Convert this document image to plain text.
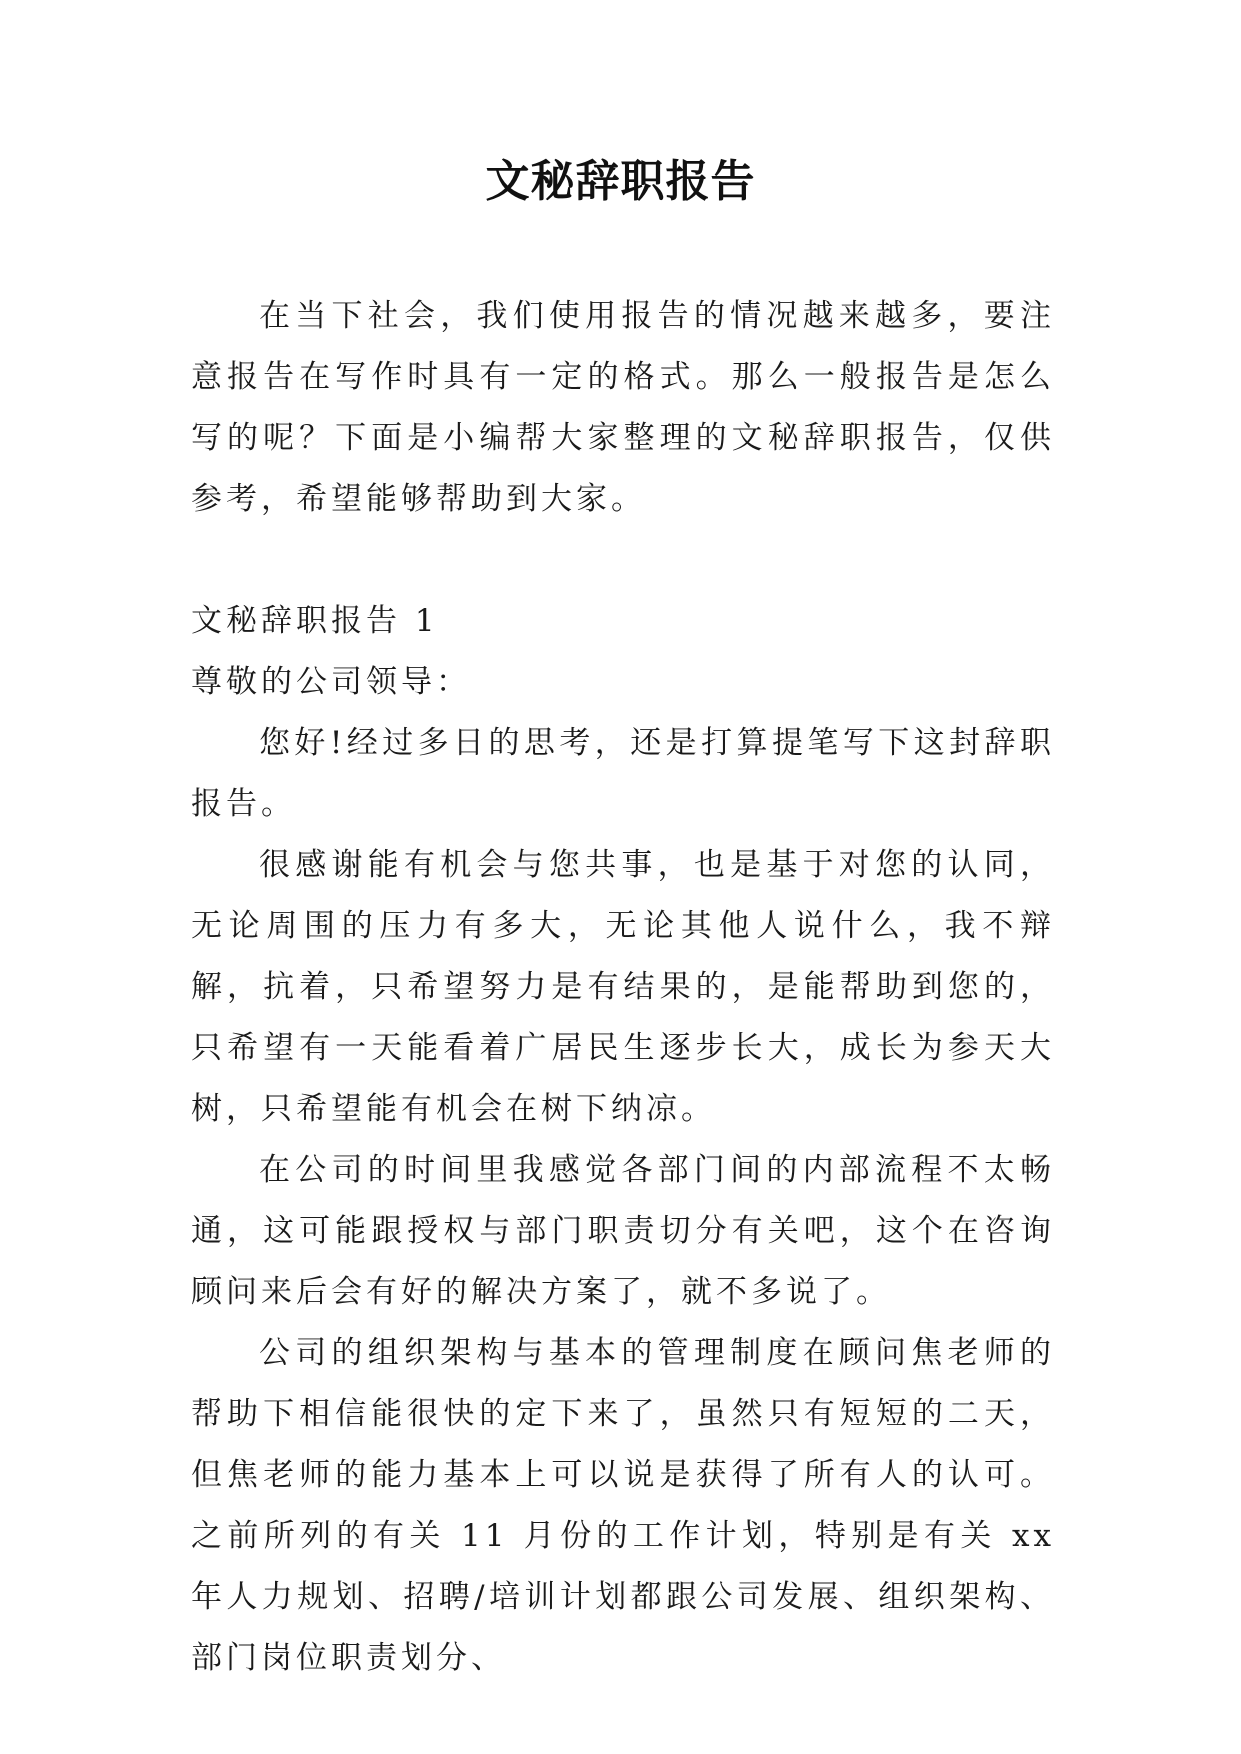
文秘辞职报告

在当下社会，我们使用报告的情况越来越多，要注意报告在写作时具有一定的格式。那么一般报告是怎么写的呢？下面是小编帮大家整理的文秘辞职报告，仅供参考，希望能够帮助到大家。

文秘辞职报告 1

尊敬的公司领导：

您好!经过多日的思考，还是打算提笔写下这封辞职报告。

很感谢能有机会与您共事，也是基于对您的认同，无论周围的压力有多大，无论其他人说什么，我不辩解，抗着，只希望努力是有结果的，是能帮助到您的，只希望有一天能看着广居民生逐步长大，成长为参天大树，只希望能有机会在树下纳凉。

在公司的时间里我感觉各部门间的内部流程不太畅通，这可能跟授权与部门职责切分有关吧，这个在咨询顾问来后会有好的解决方案了，就不多说了。

公司的组织架构与基本的管理制度在顾问焦老师的帮助下相信能很快的定下来了，虽然只有短短的二天，但焦老师的能力基本上可以说是获得了所有人的认可。之前所列的有关 11 月份的工作计划，特别是有关 xx 年人力规划、招聘/培训计划都跟公司发展、组织架构、部门岗位职责划分、
